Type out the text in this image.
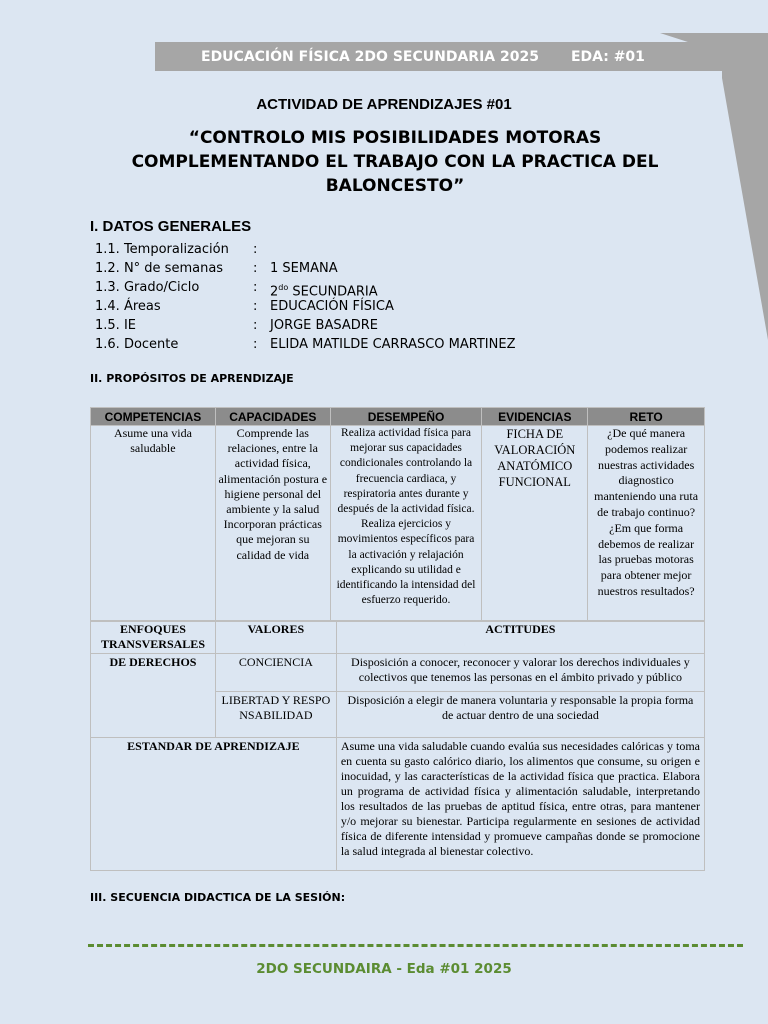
EDUCACIÓN FÍSICA 2DO SECUNDARIA 2025 EDA: #01
ACTIVIDAD DE APRENDIZAJES #01
“CONTROLO MIS POSIBILIDADES MOTORAS COMPLEMENTANDO EL TRABAJO CON LA PRACTICA DEL BALONCESTO”
I. DATOS GENERALES
1.1. Temporalización :
1.2. N° de semanas : 1 SEMANA
1.3. Grado/Ciclo	: $2^{do}$ SECUNDARIA
1.4. Áreas	: EDUCACIÓN FÍSICA
1.5. IE	: JORGE BASADRE
1.6. Docente	: ELIDA MATILDE CARRASCO MARTINEZ
II. PROPÓSITOS DE APRENDIZAJE
COMPETENCIAS	CAPACIDADES	DESEMPEÑO	EVIDENCIAS	RETO
Asume una vida saludable	Comprende las relaciones, entre la actividad física, alimentación postura e higiene personal del ambiente y la salud Incorporan prácticas que mejoran su calidad de vida	Realiza actividad física para mejorar sus capacidades condicionales controlando la frecuencia cardiaca, y respiratoria antes durante y después de la actividad física. Realiza ejercicios y movimientos específicos para la activación y relajación explicando su utilidad e identificando la intensidad del esfuerzo requerido.	FICHA DE VALORACIÓN ANATÓMICO FUNCIONAL	¿De qué manera podemos realizar nuestras actividades diagnostico manteniendo una ruta de trabajo continuo? ¿Em que forma debemos de realizar las pruebas motoras para obtener mejor nuestros resultados?
ENFOQUES TRANSVERSALES	VALORES	ACTITUDES
DE DERECHOS	CONCIENCIA	Disposición a conocer, reconocer y valorar los derechos individuales y colectivos que tenemos las personas en el ámbito privado y público
	LIBERTAD Y RESPONSABILIDAD	Disposición a elegir de manera voluntaria y responsable la propia forma de actuar dentro de una sociedad
ESTANDAR DE APRENDIZAJE		Asume una vida saludable cuando evalúa sus necesidades calóricas y toma en cuenta su gasto calórico diario, los alimentos que consume, su origen e inocuidad, y las características de la actividad física que practica. Elabora un programa de actividad física y alimentación saludable, interpretando los resultados de las pruebas de aptitud física, entre otras, para mantener y/o mejorar su bienestar. Participa regularmente en sesiones de actividad física de diferente intensidad y promueve campañas donde se promocione la salud integrada al bienestar colectivo.
III. SECUENCIA DIDACTICA DE LA SESIÓN:
2DO SECUNDAIRA - Eda #01 2025
